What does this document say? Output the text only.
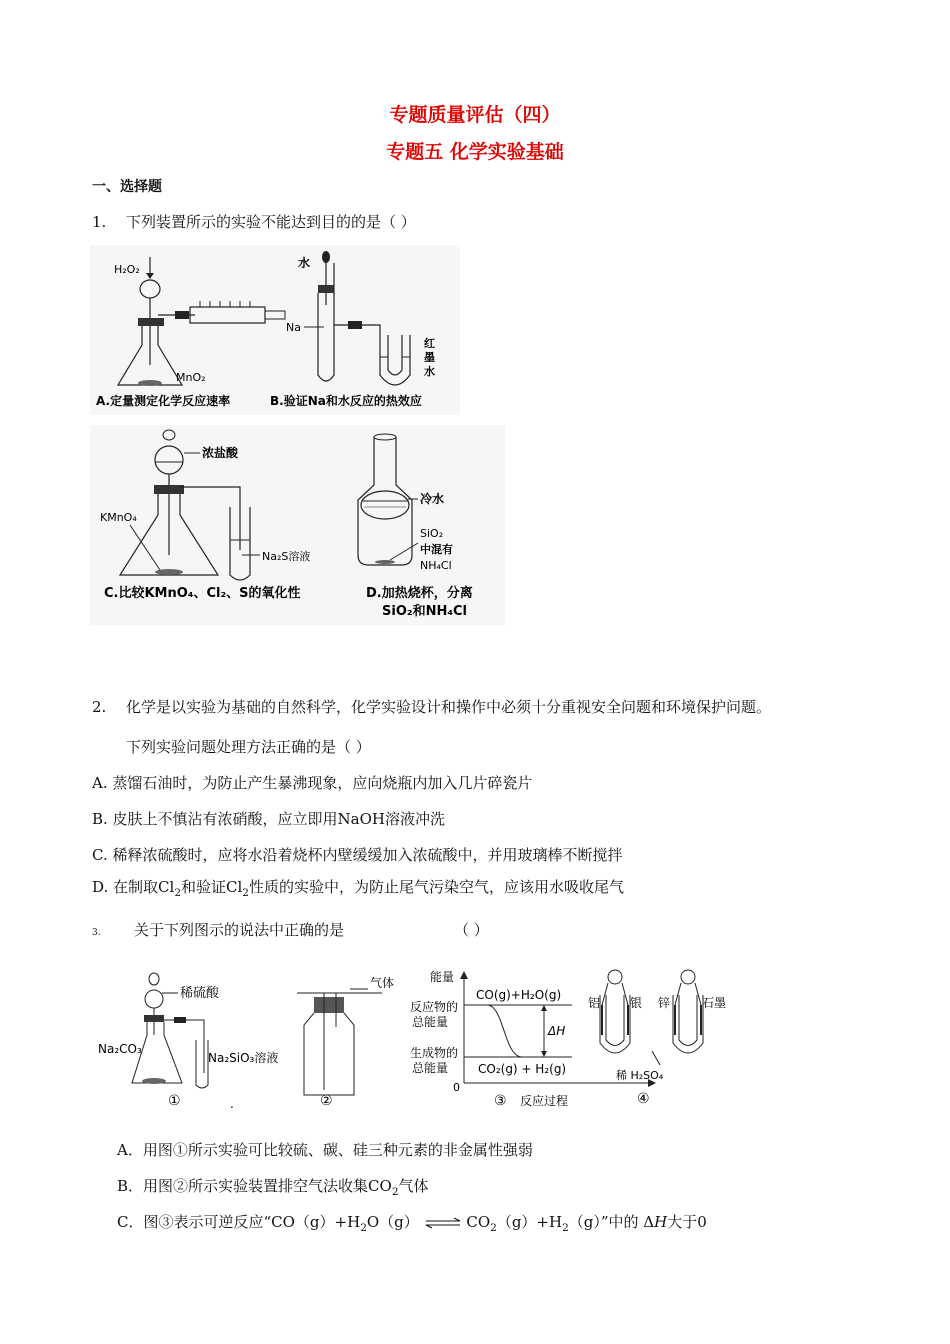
专题质量评估（四）
专题五 化学实验基础
一、选择题
1. 下列装置所示的实验不能达到目的的是（ ）
H₂O₂
MnO₂
A.定量测定化学反应速率
水
Na
红
墨
水
B.验证Na和水反应的热效应
浓盐酸
KMnO₄
Na₂S溶液
C.比较KMnO₄、Cl₂、S的氧化性
冷水
SiO₂
中混有
NH₄Cl
D.加热烧杯，分离
SiO₂和NH₄Cl
2. 化学是以实验为基础的自然科学，化学实验设计和操作中必须十分重视安全问题和环境保护问题。
下列实验问题处理方法正确的是（ ）
A. 蒸馏石油时，为防止产生暴沸现象，应向烧瓶内加入几片碎瓷片
B. 皮肤上不慎沾有浓硝酸，应立即用NaOH溶液冲洗
C. 稀释浓硫酸时，应将水沿着烧杯内壁缓缓加入浓硫酸中，并用玻璃棒不断搅拌
D. 在制取$Cl_2$和验证$Cl_2$性质的实验中，为防止尾气污染空气，应该用水吸收尾气
3. 关于下列图示的说法中正确的是	（ ）
稀硫酸
Na₂CO₃
Na₂SiO₃溶液
①	.
气体
②
能量
反应物的
总能量
生成物的
总能量
0
CO(g)+H₂O(g)
CO₂(g) + H₂(g)
ΔH
③ 反应过程
铝 银 锌	石墨
稀 H₂SO₄
④
A．用图①所示实验可比较硫、碳、硅三种元素的非金属性强弱
B．用图②所示实验装置排空气法收集$CO_2$气体
C．图③表示可逆反应“$CO(g)+H_2O(g)$ ⇌ $CO_2(g)+H_2(g)$”中的 ΔH大于0
